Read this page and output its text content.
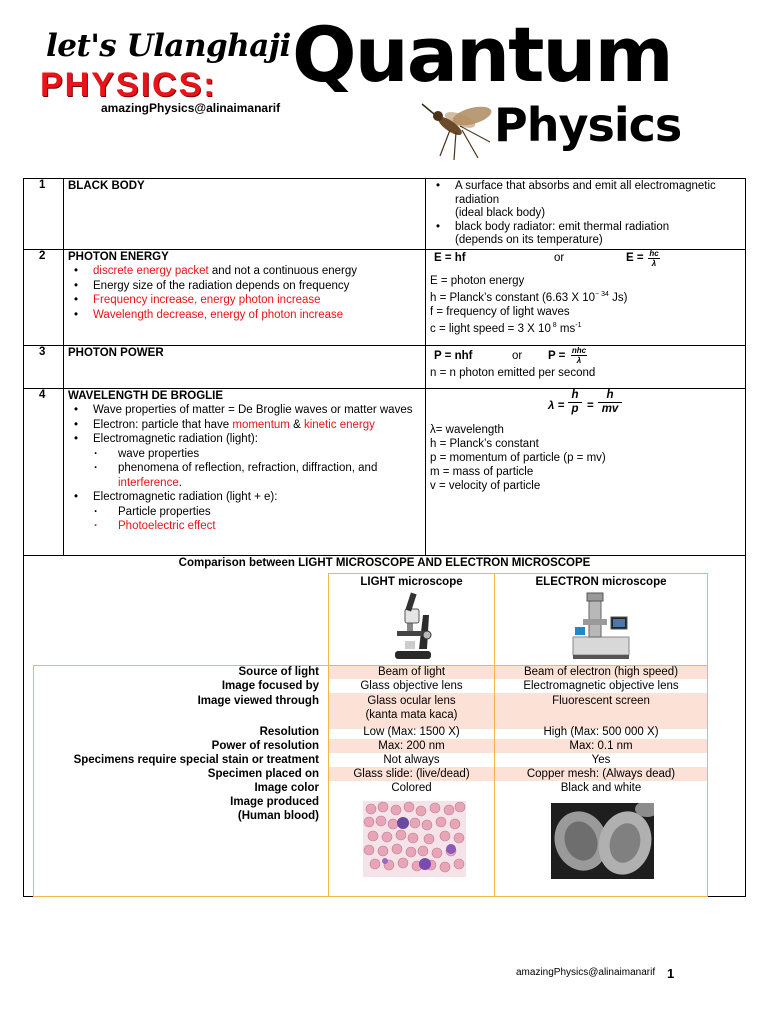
let's Ulanghaji
PHYSICS:
amazingPhysics@alinaimanarif
Quantum
Physics
1 BLACK BODY
•	A surface that absorbs and emit all electromagnetic radiation
(ideal black body)
• black body radiator: emit thermal radiation
(depends on its temperature)
2 PHOTON ENERGY
• discrete energy packet and not a continuous energy
• Energy size of the radiation depends on frequency
• Frequency increase, energy photon increase
• Wavelength decrease, energy of photon increase
E = hf	or	E = hc
λ
E = photon energy
h = Planck’s constant (6.63 X $10^{- 34}$ Js)
f = frequency of light waves
c = light speed = 3 X 10 $^8$ $ms^{-1}$
3 PHOTON POWER	P = nhf	or P = nhc
λ
n = n photon emitted per second
4 WAVELENGTH DE BROGLIE
• Wave properties of matter = De Broglie waves or matter waves
• Electron: particle that have momentum & kinetic energy
• Electromagnetic radiation (light):
· wave properties
· phenomena of reflection, refraction, diffraction, and interference.
• Electromagnetic radiation (light + e):
· Particle properties
· Photoelectric effect
λ =
h
p =
h
mv
λ= wavelength
h = Planck’s constant
p = momentum of particle (p = mv)
m = mass of particle
v = velocity of particle
Comparison between LIGHT MICROSCOPE AND ELECTRON MICROSCOPE
LIGHT microscope	ELECTRON microscope
Source of light	Beam of light	Beam of electron (high speed)
Image focused by	Glass objective lens	Electromagnetic objective lens
Image viewed through	Glass ocular lens
(kanta mata kaca)
Fluorescent screen
Resolution	Low (Max: 1500 X)	High (Max: 500 000 X)
Power of resolution	Max: 200 nm	Max: 0.1 nm
Specimens require special stain or treatment	Not always	Yes
Specimen placed on	Glass slide: (live/dead)	Copper mesh: (Always dead)
Image color	Colored	Black and white
Image produced
(Human blood)
amazingPhysics@alinaimanarif 1
